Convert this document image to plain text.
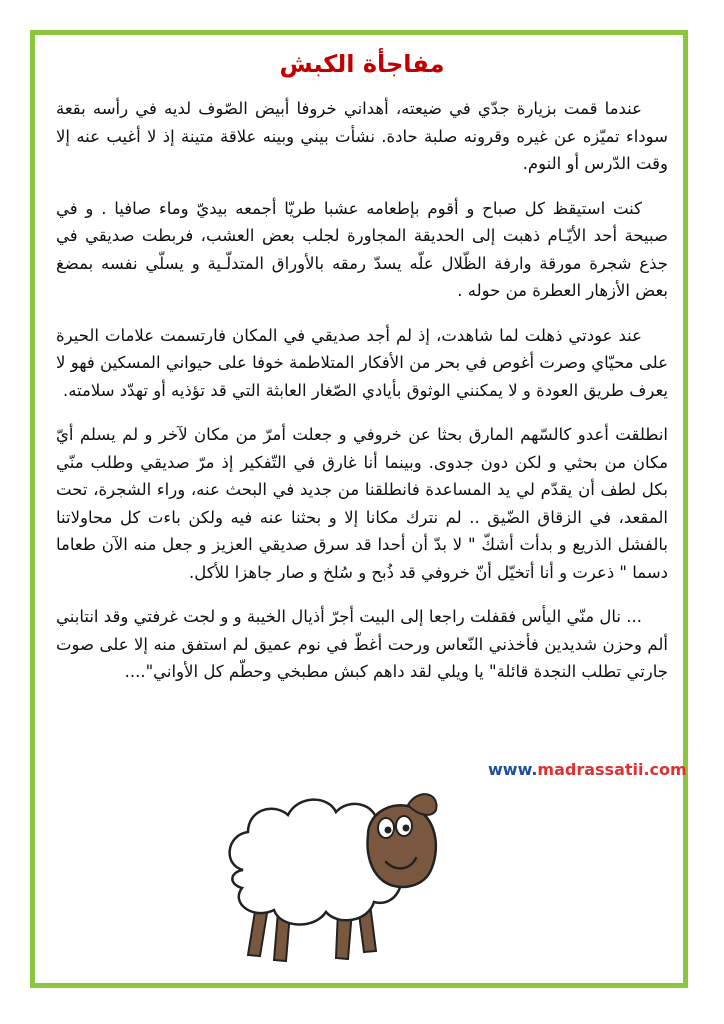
مفاجأة الكبش

عندما قمت بزيارة جدّي في ضيعته، أهداني خروفا أبيض الصّوف لديه في رأسه بقعة سوداء تميّزه عن غيره وقرونه صلبة حادة. نشأت بيني وبينه علاقة متينة إذ لا أغيب عنه إلا وقت الدّرس أو النوم.

كنت استيقظ كل صباح و أقوم بإطعامه عشبا طريّا أجمعه بيديّ وماء صافيا . و في صبيحة أحد الأيّـام ذهبت إلى الحديقة المجاورة لجلب بعض العشب، فربطت صديقي في جذع شجرة مورقة وارفة الظّلال علّه يسدّ رمقه بالأوراق المتدلّـية و يسلّي نفسه بمضغ بعض الأزهار العطرة من حوله .

عند عودتي ذهلت لما شاهدت، إذ لم أجد صديقي في المكان فارتسمت علامات الحيرة على محيّاي وصرت أغوص في بحر من الأفكار المتلاطمة خوفا على حيواني المسكين فهو لا يعرف طريق العودة و لا يمكنني الوثوق بأيادي الصّغار العابثة التي قد تؤذيه أو تهدّد سلامته.

انطلقت أعدو كالسّهم المارق بحثا عن خروفي و جعلت أمرّ من مكان لآخر و لم يسلم أيّ مكان من بحثي و لكن دون جدوى. وبينما أنا غارق في التّفكير إذ مرّ صديقي وطلب منّي بكل لطف أن يقدّم لي يد المساعدة فانطلقنا من جديد في البحث عنه، وراء الشجرة، تحت المقعد، في الزقاق الضّيق .. لم نترك مكانا إلا و بحثنا عنه فيه ولكن باءت كل محاولاتنا بالفشل الذريع و بدأت أشكّ " لا بدّ أن أحدا قد سرق صديقي العزيز و جعل منه الآن طعاما دسما " ذعرت و أنا أتخيّل أنّ خروفي قد ذُبح و سُلخ و صار جاهزا للأكل.

... نال منّي اليأس فقفلت راجعا إلى البيت أجرّ أذيال الخيبة و و لجت غرفتي وقد انتابني ألم وحزن شديدين فأخذني النّعاس ورحت أغطّ في نوم عميق لم استفق منه إلا على صوت جارتي تطلب النجدة قائلة" يا ويلي لقد داهم كبش مطبخي وحطّم كل الأواني"....

www.madrassatii.com
